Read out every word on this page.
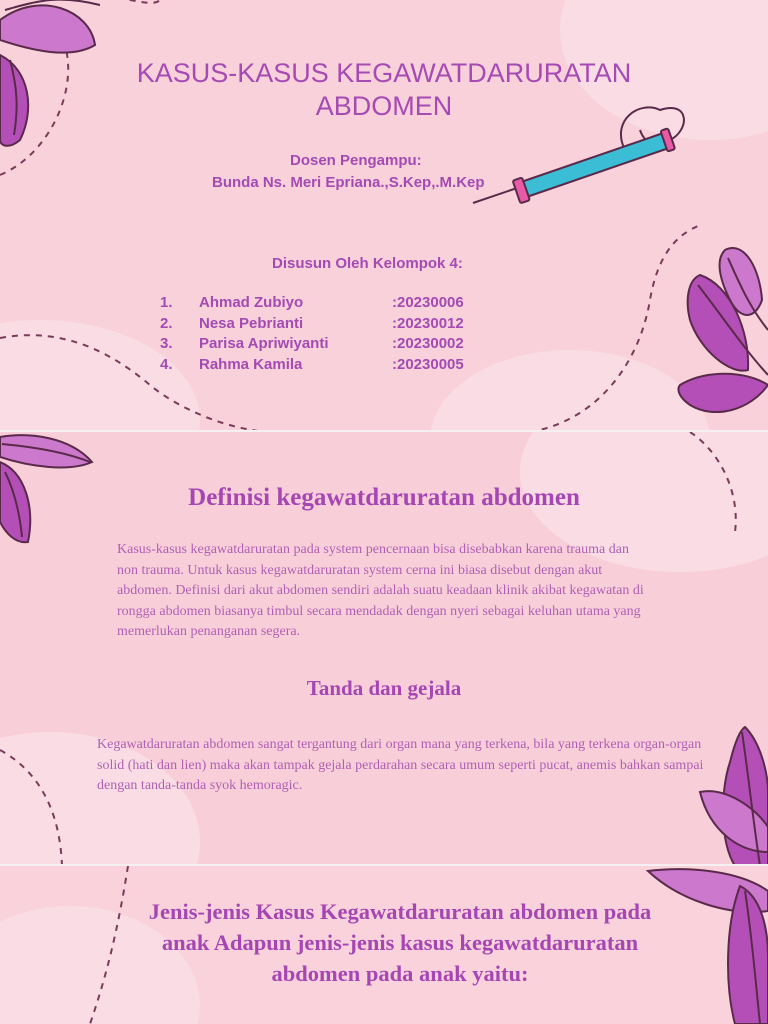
KASUS-KASUS KEGAWATDARURATAN
ABDOMEN

Dosen Pengampu:

Bunda Ns. Meri Epriana.,S.Kep,.M.Kep

Disusun Oleh Kelompok 4:

1. Ahmad Zubiyo	:20230006
2. Nesa Pebrianti	:20230012
3. Parisa Apriwiyanti	:20230002
4. Rahma Kamila	:20230005
Definisi kegawatdaruratan abdomen

Kasus-kasus kegawatdaruratan pada system pencernaan bisa disebabkan karena trauma dan non trauma. Untuk kasus kegawatdaruratan system cerna ini biasa disebut dengan akut abdomen. Definisi dari akut abdomen sendiri adalah suatu keadaan klinik akibat kegawatan di rongga abdomen biasanya timbul secara mendadak dengan nyeri sebagai keluhan utama yang memerlukan penanganan segera.

Tanda dan gejala

Kegawatdaruratan abdomen sangat tergantung dari organ mana yang terkena, bila yang terkena organ-organ solid (hati dan lien) maka akan tampak gejala perdarahan secara umum seperti pucat, anemis bahkan sampai dengan tanda-tanda syok hemoragic.

Jenis-jenis Kasus Kegawatdaruratan abdomen pada anak Adapun jenis-jenis kasus kegawatdaruratan abdomen pada anak yaitu:
